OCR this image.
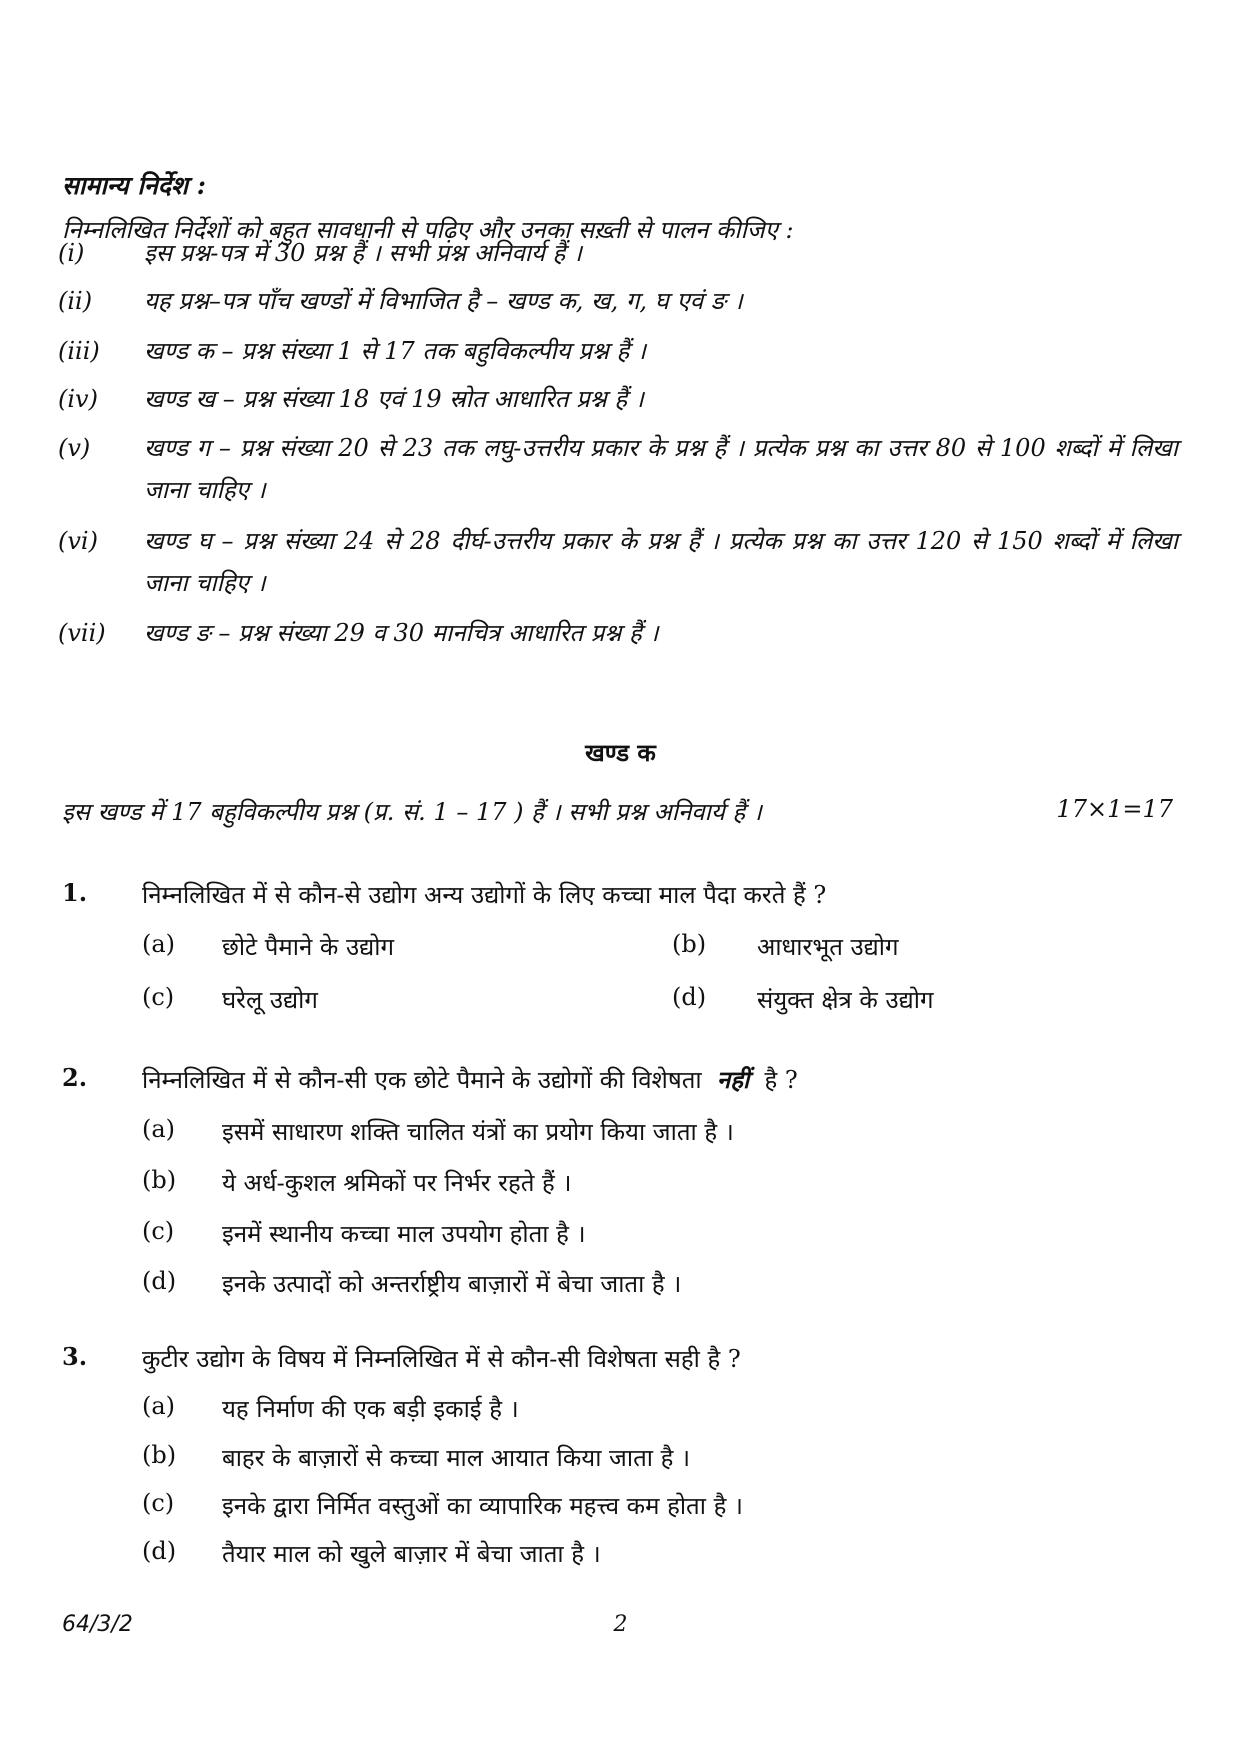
सामान्य निर्देश :
निम्नलिखित निर्देशों को बहुत सावधानी से पढ़िए और उनका सख़्ती से पालन कीजिए :
(i) इस प्रश्न-पत्र में 30 प्रश्न हैं । सभी प्रश्न अनिवार्य हैं ।
(ii) यह प्रश्न–पत्र पाँच खण्डों में विभाजित है – खण्ड क, ख, ग, घ एवं ङ ।
(iii) खण्ड क – प्रश्न संख्या 1 से 17 तक बहुविकल्पीय प्रश्न हैं ।
(iv) खण्ड ख – प्रश्न संख्या 18 एवं 19 स्रोत आधारित प्रश्न हैं ।
(v) खण्ड ग – प्रश्न संख्या 20 से 23 तक लघु-उत्तरीय प्रकार के प्रश्न हैं । प्रत्येक प्रश्न का उत्तर 80 से 100 शब्दों में लिखा जाना चाहिए ।
(vi) खण्ड घ – प्रश्न संख्या 24 से 28 दीर्घ-उत्तरीय प्रकार के प्रश्न हैं । प्रत्येक प्रश्न का उत्तर 120 से 150 शब्दों में लिखा जाना चाहिए ।
(vii) खण्ड ङ – प्रश्न संख्या 29 व 30 मानचित्र आधारित प्रश्न हैं ।
खण्ड क
इस खण्ड में 17 बहुविकल्पीय प्रश्न (प्र. सं. 1 – 17 ) हैं । सभी प्रश्न अनिवार्य हैं ।	17×1=17
1. निम्नलिखित में से कौन-से उद्योग अन्य उद्योगों के लिए कच्चा माल पैदा करते हैं ?
(a) छोटे पैमाने के उद्योग	(b) आधारभूत उद्योग
(c) घरेलू उद्योग	(d) संयुक्त क्षेत्र के उद्योग
2. निम्नलिखित में से कौन-सी एक छोटे पैमाने के उद्योगों की विशेषता नहीं है ?
(a) इसमें साधारण शक्ति चालित यंत्रों का प्रयोग किया जाता है ।
(b) ये अर्ध-कुशल श्रमिकों पर निर्भर रहते हैं ।
(c) इनमें स्थानीय कच्चा माल उपयोग होता है ।
(d) इनके उत्पादों को अन्तर्राष्ट्रीय बाज़ारों में बेचा जाता है ।
3. कुटीर उद्योग के विषय में निम्नलिखित में से कौन-सी विशेषता सही है ?
(a) यह निर्माण की एक बड़ी इकाई है ।
(b) बाहर के बाज़ारों से कच्चा माल आयात किया जाता है ।
(c) इनके द्वारा निर्मित वस्तुओं का व्यापारिक महत्त्व कम होता है ।
(d) तैयार माल को खुले बाज़ार में बेचा जाता है ।
64/3/2	2
